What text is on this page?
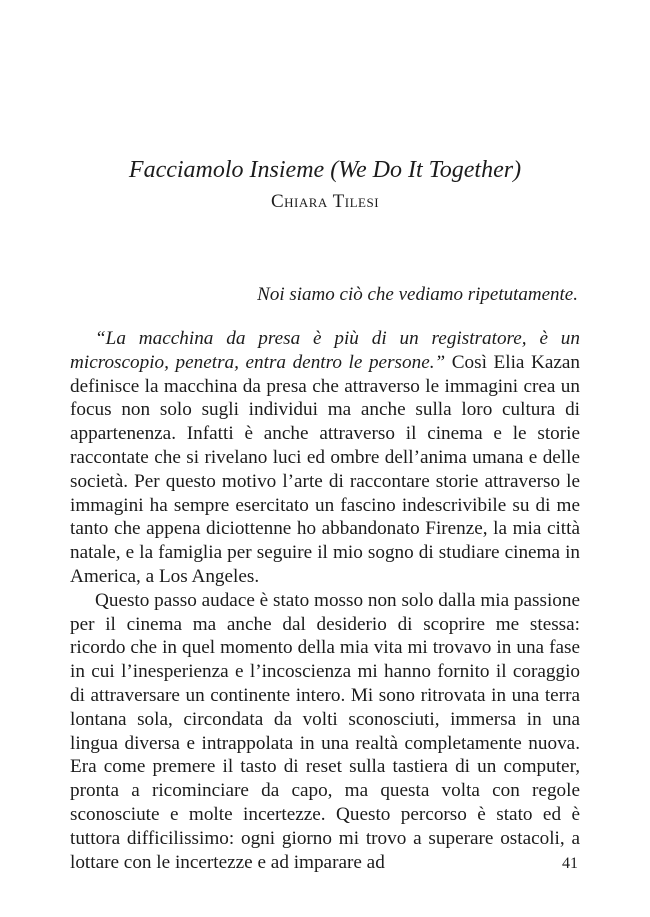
Facciamolo Insieme (We Do It Together)
Chiara Tilesi

Noi siamo ciò che vediamo ripetutamente.

“La macchina da presa è più di un registratore, è un microscopio, penetra, entra dentro le persone.” Così Elia Kazan definisce la macchina da presa che attraverso le immagini crea un focus non solo sugli individui ma anche sulla loro cultura di appartenenza. Infatti è anche attraverso il cinema e le storie raccontate che si rivelano luci ed ombre dell’anima umana e delle società. Per questo motivo l’arte di raccontare storie attraverso le immagini ha sempre esercitato un fascino indescrivibile su di me tanto che appena diciottenne ho abbandonato Firenze, la mia città natale, e la famiglia per seguire il mio sogno di studiare cinema in America, a Los Angeles.

Questo passo audace è stato mosso non solo dalla mia passione per il cinema ma anche dal desiderio di scoprire me stessa: ricordo che in quel momento della mia vita mi trovavo in una fase in cui l’inesperienza e l’incoscienza mi hanno fornito il coraggio di attraversare un continente intero. Mi sono ritrovata in una terra lontana sola, circondata da volti sconosciuti, immersa in una lingua diversa e intrappolata in una realtà completamente nuova. Era come premere il tasto di reset sulla tastiera di un computer, pronta a ricominciare da capo, ma questa volta con regole sconosciute e molte incertezze. Questo percorso è stato ed è tuttora difficilissimo: ogni giorno mi trovo a superare ostacoli, a lottare con le incertezze e ad imparare ad	41
